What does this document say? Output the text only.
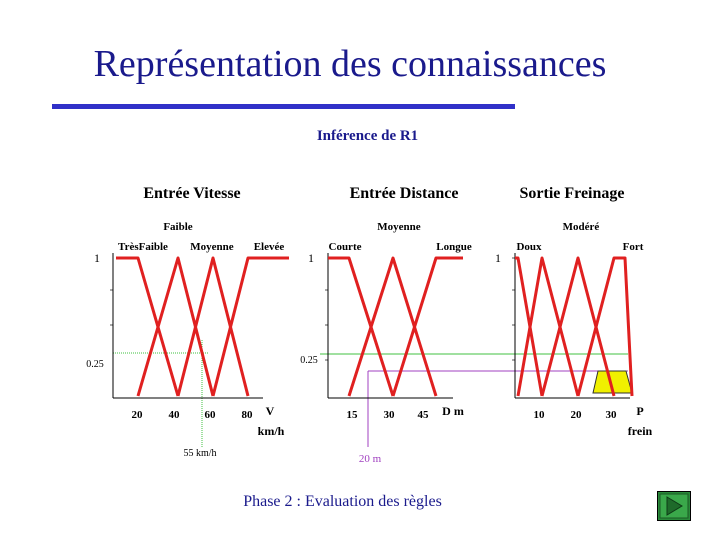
Représentation des connaissances
Inférence de R1
Entrée Vitesse	Entrée Distance	Sortie Freinage
Faible	Moyenne	Modéré
TrèsFaible Moyenne Elevée	Courte	Longue	Doux	Fort
1
0.25
1
0.25
1
20 40 60 80 V
km/h
55 km/h
15 30 45 D m
20 m
10 20 30 P
frein
Phase 2 : Evaluation des règles
